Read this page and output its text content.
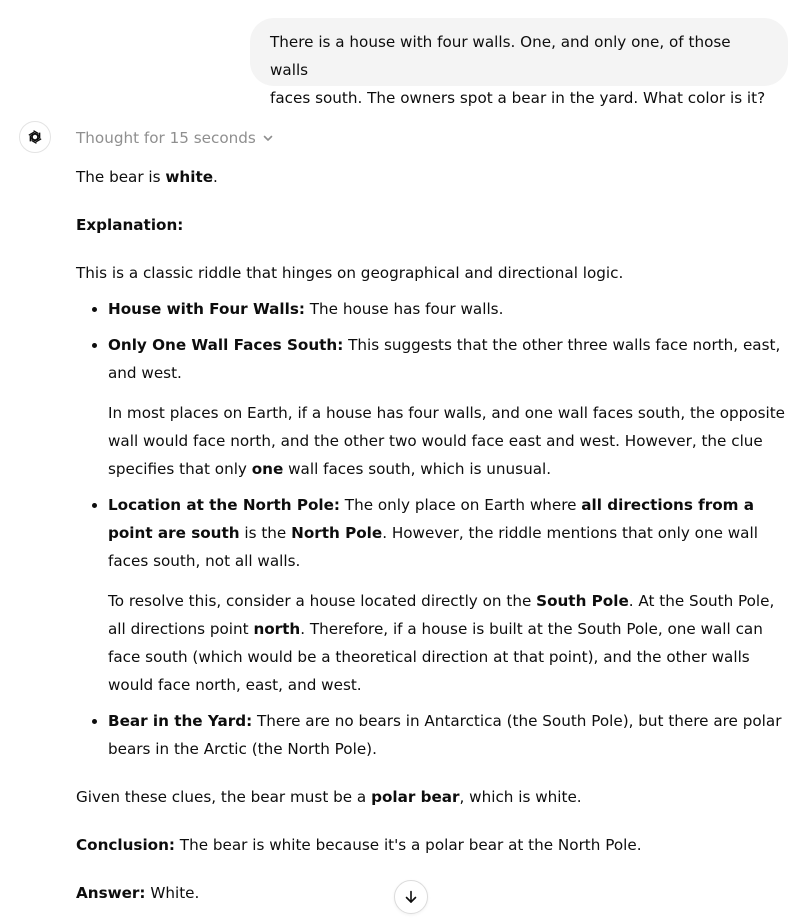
There is a house with four walls. One, and only one, of those walls
faces south. The owners spot a bear in the yard. What color is it?
Thought for 15 seconds

The bear is white.

Explanation:

This is a classic riddle that hinges on geographical and directional logic.

• House with Four Walls: The house has four walls.

• Only One Wall Faces South: This suggests that the other three walls face north, east, and west.

In most places on Earth, if a house has four walls, and one wall faces south, the opposite wall would face north, and the other two would face east and west. However, the clue specifies that only one wall faces south, which is unusual.

• Location at the North Pole: The only place on Earth where all directions from a point are south is the North Pole. However, the riddle mentions that only one wall faces south, not all walls.

To resolve this, consider a house located directly on the South Pole. At the South Pole, all directions point north. Therefore, if a house is built at the South Pole, one wall can face south (which would be a theoretical direction at that point), and the other walls would face north, east, and west.

• Bear in the Yard: There are no bears in Antarctica (the South Pole), but there are polar bears in the Arctic (the North Pole).

Given these clues, the bear must be a polar bear, which is white.

Conclusion: The bear is white because it's a polar bear at the North Pole.

Answer: White.
